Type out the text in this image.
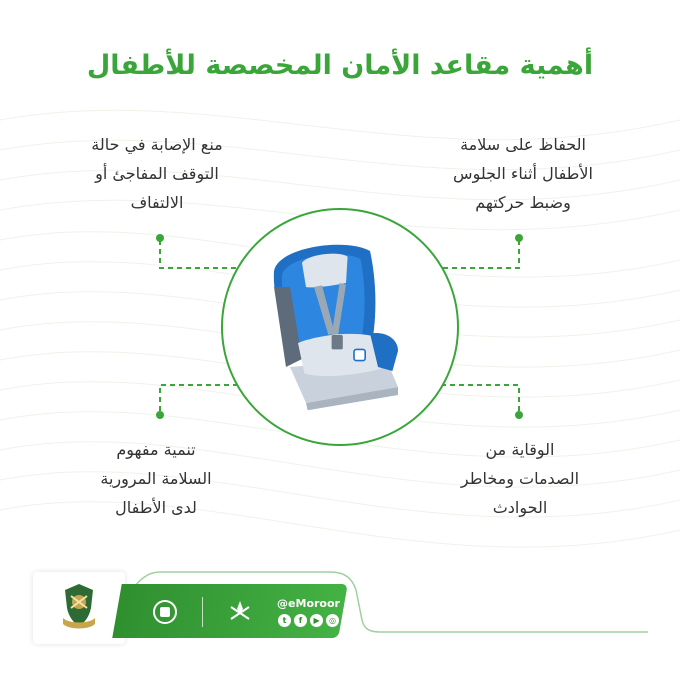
أهمية مقاعد الأمان المخصصة للأطفال
منع الإصابة في حالة
التوقف المفاجئ أو
الالتفاف
الحفاظ على سلامة
الأطفال أثناء الجلوس
وضبط حركتهم
تنمية مفهوم
السلامة المرورية
لدى الأطفال
الوقاية من
الصدمات ومخاطر
الحوادث
@eMoroor
t	f	▶	◎
